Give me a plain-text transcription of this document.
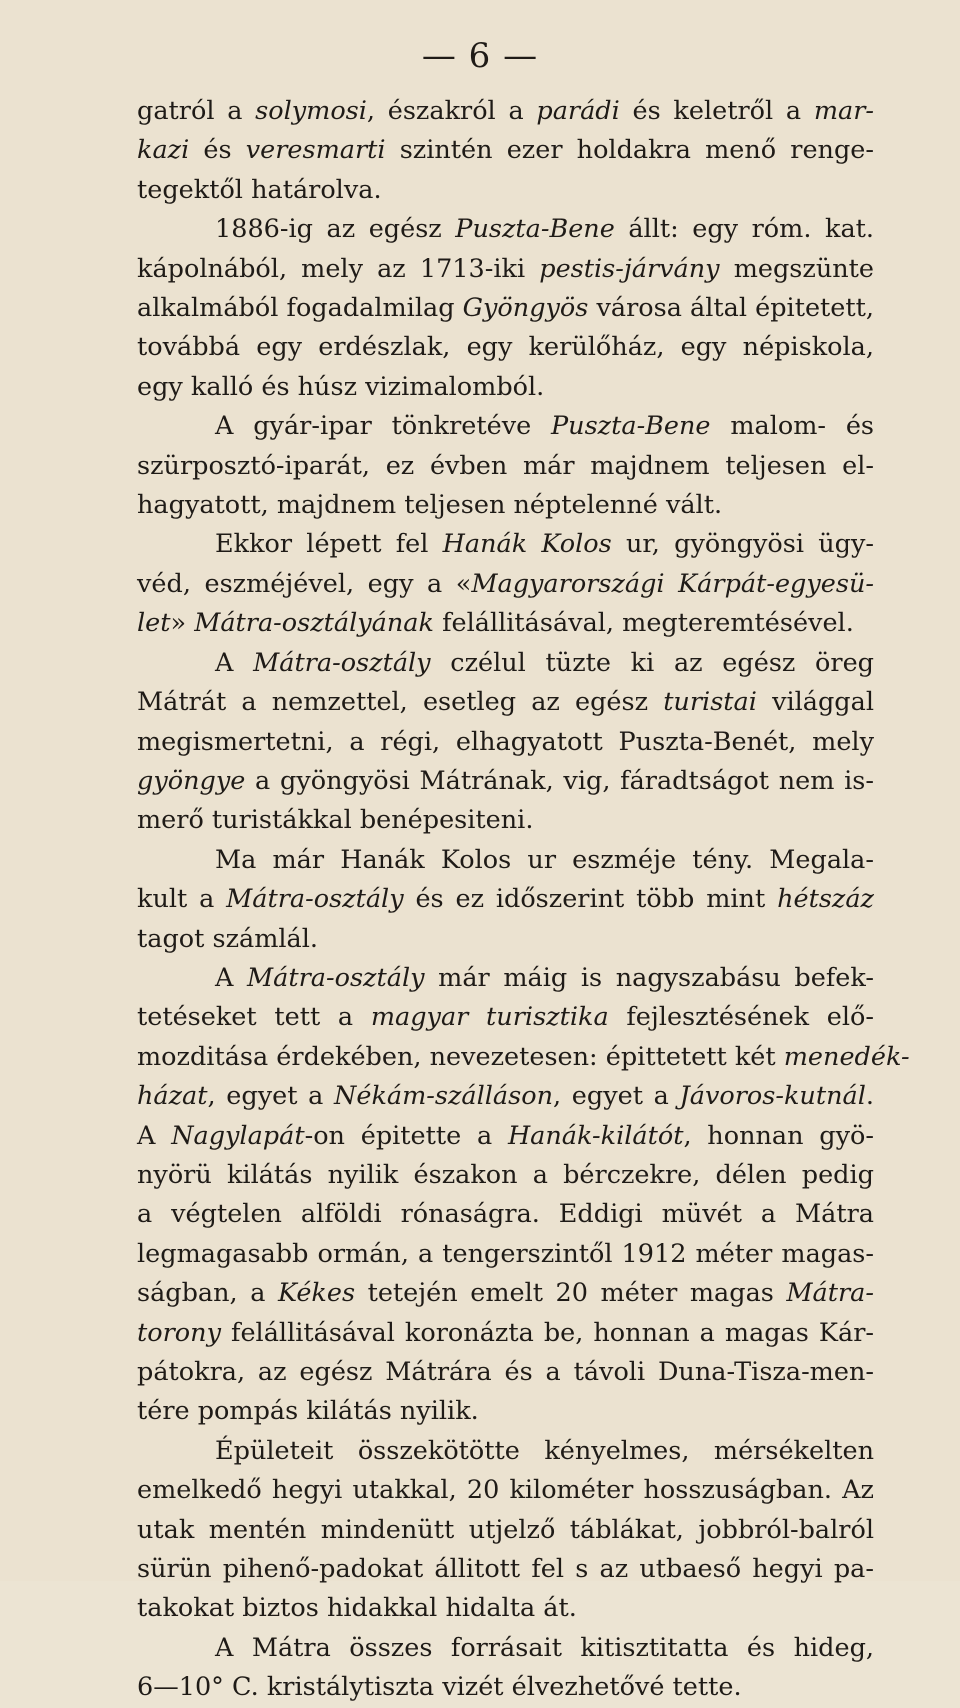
— 6 —
gatról a solymosi, északról a parádi és keletről a mar-
kazi és veresmarti szintén ezer holdakra menő renge-
tegektől határolva.
1886-ig az egész Puszta-Bene állt: egy róm. kat.
kápolnából, mely az 1713-iki pestis-járvány megszünte
alkalmából fogadalmilag Gyöngyös városa által épitetett,
továbbá egy erdészlak, egy kerülőház, egy népiskola,
egy kalló és húsz vizimalomból.
A gyár-ipar tönkretéve Puszta-Bene malom- és
szürposztó-iparát, ez évben már majdnem teljesen el-
hagyatott, majdnem teljesen néptelenné vált.
Ekkor lépett fel Hanák Kolos ur, gyöngyösi ügy-
véd, eszméjével, egy a «Magyarországi Kárpát-egyesü-
let» Mátra-osztályának felállitásával, megteremtésével.
A Mátra-osztály czélul tüzte ki az egész öreg
Mátrát a nemzettel, esetleg az egész turistai világgal
megismertetni, a régi, elhagyatott Puszta-Benét, mely
gyöngye a gyöngyösi Mátrának, vig, fáradtságot nem is-
merő turistákkal benépesiteni.
Ma már Hanák Kolos ur eszméje tény. Megala-
kult a Mátra-osztály és ez időszerint több mint hétszáz
tagot számlál.
A Mátra-osztály már máig is nagyszabásu befek-
tetéseket tett a magyar turisztika fejlesztésének elő-
mozditása érdekében, nevezetesen: épittetett két menedék-
házat, egyet a Nékám-szálláson, egyet a Jávoros-kutnál.
A Nagylapát-on épitette a Hanák-kilátót, honnan gyö-
nyörü kilátás nyilik északon a bérczekre, délen pedig
a végtelen alföldi rónaságra. Eddigi müvét a Mátra
legmagasabb ormán, a tengerszintől 1912 méter magas-
ságban, a Kékes tetején emelt 20 méter magas Mátra-
torony felállitásával koronázta be, honnan a magas Kár-
pátokra, az egész Mátrára és a távoli Duna-Tisza-men-
tére pompás kilátás nyilik.
Épületeit összekötötte kényelmes, mérsékelten
emelkedő hegyi utakkal, 20 kilométer hosszuságban. Az
utak mentén mindenütt utjelző táblákat, jobbról-balról
sürün pihenő-padokat állitott fel s az utbaeső hegyi pa-
takokat biztos hidakkal hidalta át.
A Mátra összes forrásait kitisztitatta és hideg,
6—10° C. kristálytiszta vizét élvezhetővé tette.
